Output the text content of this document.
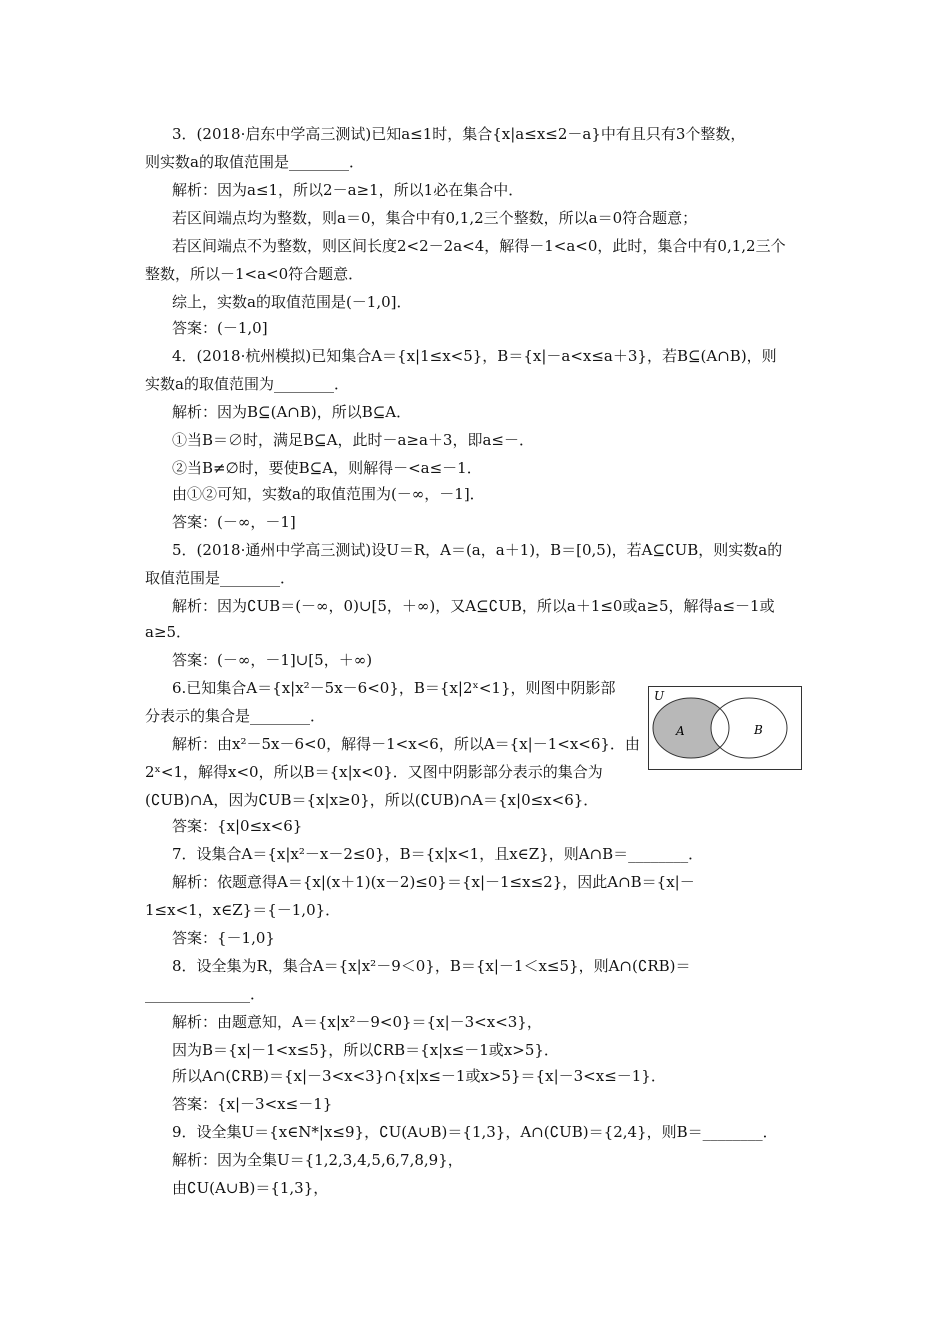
3．(2018·启东中学高三测试)已知a≤1时，集合{x|a≤x≤2－a}中有且只有3个整数，
则实数a的取值范围是________．
解析：因为a≤1，所以2－a≥1，所以1必在集合中．
若区间端点均为整数，则a＝0，集合中有0,1,2三个整数，所以a＝0符合题意；
若区间端点不为整数，则区间长度2<2－2a<4，解得－1<a<0，此时，集合中有0,1,2三个
整数，所以－1<a<0符合题意．
综上，实数a的取值范围是(－1,0]．
答案：(－1,0]
4．(2018·杭州模拟)已知集合A＝{x|1≤x<5}，B＝{x|－a<x≤a＋3}，若B⊆(A∩B)，则
实数a的取值范围为________．
解析：因为B⊆(A∩B)，所以B⊆A．
①当B＝∅时，满足B⊆A，此时－a≥a＋3，即a≤－．
②当B≠∅时，要使B⊆A，则解得－<a≤－1．
由①②可知，实数a的取值范围为(－∞，－1]．
答案：(－∞，－1]
5．(2018·通州中学高三测试)设U＝R，A＝(a，a＋1)，B＝[0,5)，若A⊆∁UB，则实数a的
取值范围是________．
解析：因为∁UB＝(－∞，0)∪[5，＋∞)，又A⊆∁UB，所以a＋1≤0或a≥5，解得a≤－1或
a≥5．
答案：(－∞，－1]∪[5，＋∞)
6.已知集合A＝{x|x²－5x－6<0}，B＝{x|2ˣ<1}，则图中阴影部
分表示的集合是________．
解析：由x²－5x－6<0，解得－1<x<6，所以A＝{x|－1<x<6}．由
2ˣ<1，解得x<0，所以B＝{x|x<0}．又图中阴影部分表示的集合为
(∁UB)∩A，因为∁UB＝{x|x≥0}，所以(∁UB)∩A＝{x|0≤x<6}．
答案：{x|0≤x<6}
7．设集合A＝{x|x²－x－2≤0}，B＝{x|x<1，且x∈Z}，则A∩B＝________．
解析：依题意得A＝{x|(x＋1)(x－2)≤0}＝{x|－1≤x≤2}，因此A∩B＝{x|－
1≤x<1，x∈Z}＝{－1,0}．
答案：{－1,0}
8．设全集为R，集合A＝{x|x²－9＜0}，B＝{x|－1＜x≤5}，则A∩(∁RB)＝
______________．
解析：由题意知，A＝{x|x²－9<0}＝{x|－3<x<3}，
因为B＝{x|－1<x≤5}，所以∁RB＝{x|x≤－1或x>5}．
所以A∩(∁RB)＝{x|－3<x<3}∩{x|x≤－1或x>5}＝{x|－3<x≤－1}．
答案：{x|－3<x≤－1}
9．设全集U＝{x∈N*|x≤9}，∁U(A∪B)＝{1,3}，A∩(∁UB)＝{2,4}，则B＝________．
解析：因为全集U＝{1,2,3,4,5,6,7,8,9}，
由∁U(A∪B)＝{1,3}，
U
A	B
